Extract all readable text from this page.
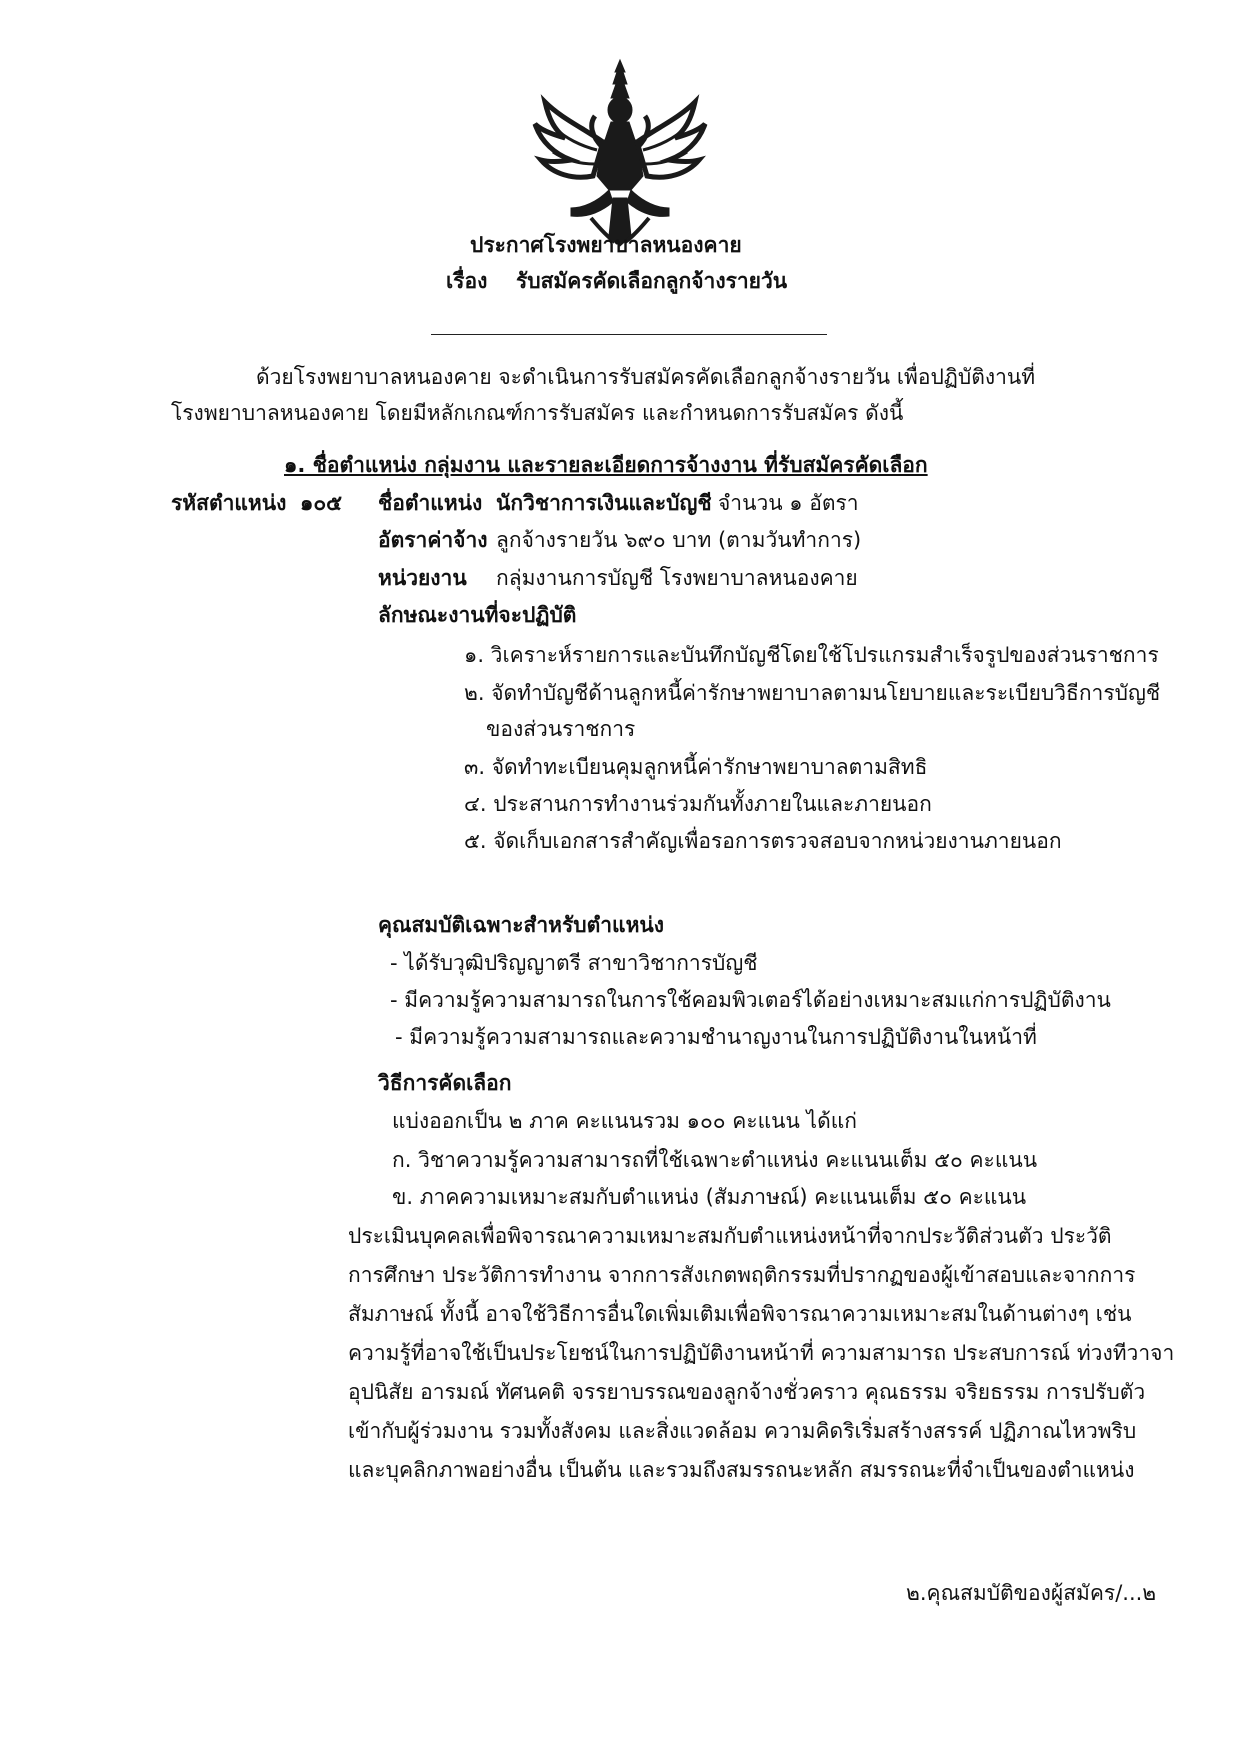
ประกาศโรงพยาบาลหนองคาย
เรื่อง รับสมัครคัดเลือกลูกจ้างรายวัน
ด้วยโรงพยาบาลหนองคาย จะดำเนินการรับสมัครคัดเลือกลูกจ้างรายวัน เพื่อปฏิบัติงานที่
โรงพยาบาลหนองคาย โดยมีหลักเกณฑ์การรับสมัคร และกำหนดการรับสมัคร ดังนี้
๑. ชื่อตำแหน่ง กลุ่มงาน และรายละเอียดการจ้างงาน ที่รับสมัครคัดเลือก
รหัสตำแหน่ง ๑๐๕ ชื่อตำแหน่ง นักวิชาการเงินและบัญชี จำนวน ๑ อัตรา
อัตราค่าจ้าง ลูกจ้างรายวัน ๖๙๐ บาท (ตามวันทำการ)
หน่วยงาน กลุ่มงานการบัญชี โรงพยาบาลหนองคาย
ลักษณะงานที่จะปฏิบัติ
๑. วิเคราะห์รายการและบันทึกบัญชีโดยใช้โปรแกรมสำเร็จรูปของส่วนราชการ
๒. จัดทำบัญชีด้านลูกหนี้ค่ารักษาพยาบาลตามนโยบายและระเบียบวิธีการบัญชี
ของส่วนราชการ
๓. จัดทำทะเบียนคุมลูกหนี้ค่ารักษาพยาบาลตามสิทธิ
๔. ประสานการทำงานร่วมกันทั้งภายในและภายนอก
๕. จัดเก็บเอกสารสำคัญเพื่อรอการตรวจสอบจากหน่วยงานภายนอก
คุณสมบัติเฉพาะสำหรับตำแหน่ง
- ได้รับวุฒิปริญญาตรี สาขาวิชาการบัญชี
- มีความรู้ความสามารถในการใช้คอมพิวเตอร์ได้อย่างเหมาะสมแก่การปฏิบัติงาน
- มีความรู้ความสามารถและความชำนาญงานในการปฏิบัติงานในหน้าที่
วิธีการคัดเลือก
แบ่งออกเป็น ๒ ภาค คะแนนรวม ๑๐๐ คะแนน ได้แก่
ก. วิชาความรู้ความสามารถที่ใช้เฉพาะตำแหน่ง คะแนนเต็ม ๕๐ คะแนน
ข. ภาคความเหมาะสมกับตำแหน่ง (สัมภาษณ์) คะแนนเต็ม ๕๐ คะแนน
ประเมินบุคคลเพื่อพิจารณาความเหมาะสมกับตำแหน่งหน้าที่จากประวัติส่วนตัว ประวัติ
การศึกษา ประวัติการทำงาน จากการสังเกตพฤติกรรมที่ปรากฏของผู้เข้าสอบและจากการ
สัมภาษณ์ ทั้งนี้ อาจใช้วิธีการอื่นใดเพิ่มเติมเพื่อพิจารณาความเหมาะสมในด้านต่างๆ เช่น
ความรู้ที่อาจใช้เป็นประโยชน์ในการปฏิบัติงานหน้าที่ ความสามารถ ประสบการณ์ ท่วงทีวาจา
อุปนิสัย อารมณ์ ทัศนคติ จรรยาบรรณของลูกจ้างชั่วคราว คุณธรรม จริยธรรม การปรับตัว
เข้ากับผู้ร่วมงาน รวมทั้งสังคม และสิ่งแวดล้อม ความคิดริเริ่มสร้างสรรค์ ปฏิภาณไหวพริบ
และบุคลิกภาพอย่างอื่น เป็นต้น และรวมถึงสมรรถนะหลัก สมรรถนะที่จำเป็นของตำแหน่ง
๒.คุณสมบัติของผู้สมัคร/...๒
